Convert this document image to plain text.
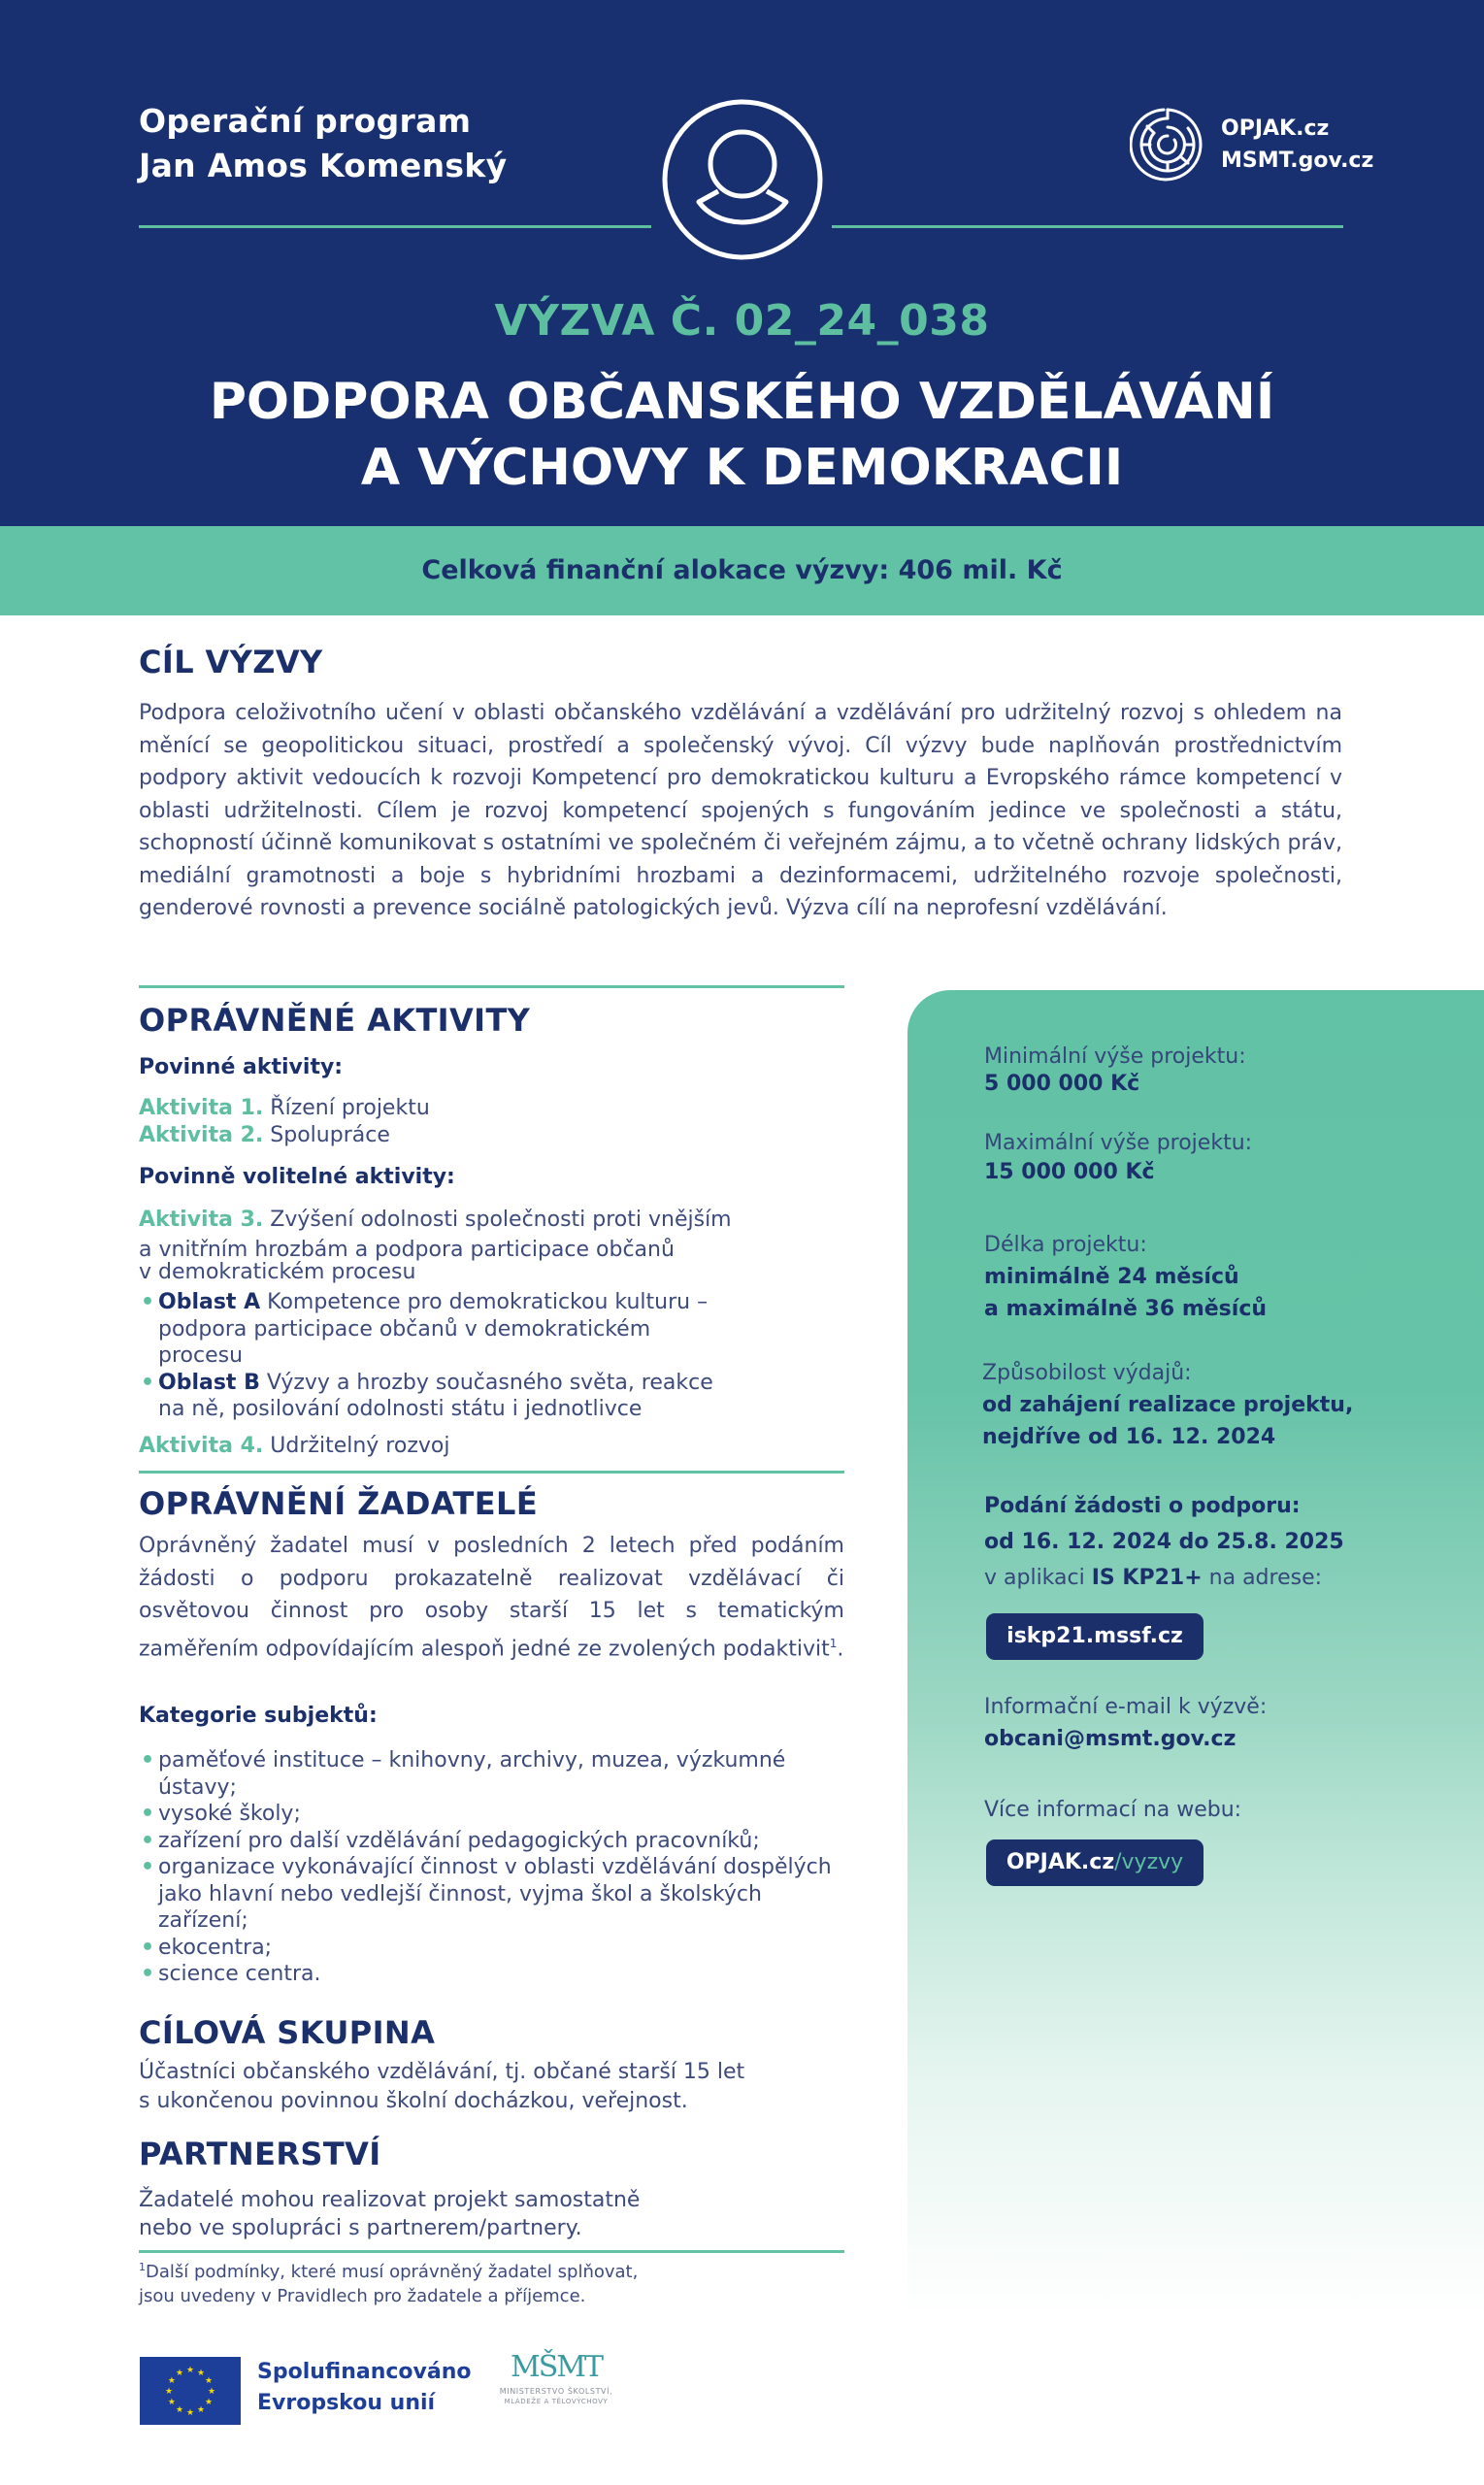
Operační program
Jan Amos Komenský
OPJAK.cz
MSMT.gov.cz
VÝZVA Č. 02_24_038
PODPORA OBČANSKÉHO VZDĚLÁVÁNÍ
A VÝCHOVY K DEMOKRACII
Celková finanční alokace výzvy: 406 mil. Kč
CÍL VÝZVY
Podpora celoživotního učení v oblasti občanského vzdělávání a vzdělávání pro udržitelný rozvoj s ohledem na měnící se geopolitickou situaci, prostředí a společenský vývoj. Cíl výzvy bude naplňován prostřednictvím podpory aktivit vedoucích k rozvoji Kompetencí pro demokratickou kulturu a Evropského rámce kompetencí v oblasti udržitelnosti. Cílem je rozvoj kompetencí spojených s fungováním jedince ve společnosti a státu, schopností účinně komunikovat s ostatními ve společném či veřejném zájmu, a to včetně ochrany lidských práv, mediální gramotnosti a boje s hybridními hrozbami a dezinformacemi, udržitelného rozvoje společnosti, genderové rovnosti a prevence sociálně patologických jevů. Výzva cílí na neprofesní vzdělávání.
OPRÁVNĚNÉ AKTIVITY
Povinné aktivity:
Aktivita 1. Řízení projektu
Aktivita 2. Spolupráce
Povinně volitelné aktivity:
Aktivita 3. Zvýšení odolnosti společnosti proti vnějším
a vnitřním hrozbám a podpora participace občanů
v demokratickém procesu
• Oblast A Kompetence pro demokratickou kulturu – podpora participace občanů v demokratickém procesu
• Oblast B Výzvy a hrozby současného světa, reakce na ně, posilování odolnosti státu i jednotlivce
Aktivita 4. Udržitelný rozvoj
OPRÁVNĚNÍ ŽADATELÉ
Oprávněný žadatel musí v posledních 2 letech před podáním žádosti o podporu prokazatelně realizovat vzdělávací či osvětovou činnost pro osoby starší 15 let s tematickým zaměřením odpovídajícím alespoň jedné ze zvolených podaktivit$^1$.
Kategorie subjektů:
• paměťové instituce – knihovny, archivy, muzea, výzkumné ústavy;
• vysoké školy;
• zařízení pro další vzdělávání pedagogických pracovníků;
• organizace vykonávající činnost v oblasti vzdělávání dospělých jako hlavní nebo vedlejší činnost, vyjma škol a školských zařízení;
• ekocentra;
• science centra.
CÍLOVÁ SKUPINA
Účastníci občanského vzdělávání, tj. občané starší 15 let
s ukončenou povinnou školní docházkou, veřejnost.
PARTNERSTVÍ
Žadatelé mohou realizovat projekt samostatně
nebo ve spolupráci s partnerem/partnery.
$^1$Další podmínky, které musí oprávněný žadatel splňovat,
jsou uvedeny v Pravidlech pro žadatele a příjemce.
Minimální výše projektu:
5 000 000 Kč
Maximální výše projektu:
15 000 000 Kč
Délka projektu:
minimálně 24 měsíců
a maximálně 36 měsíců
Způsobilost výdajů:
od zahájení realizace projektu,
nejdříve od 16. 12. 2024
Podání žádosti o podporu:
od 16. 12. 2024 do 25.8. 2025
v aplikaci IS KP21+ na adrese:
iskp21.mssf.cz
Informační e-mail k výzvě:
obcani@msmt.gov.cz
Více informací na webu:
OPJAK.cz/vyzvy
★ ★
★
★
★
★
★
★
★
★
★
★	Spolufinancováno
Evropskou unií
MŠMT
MINISTERSTVO ŠKOLSTVÍ,
MLÁDEŽE A TĚLOVÝCHOVY
